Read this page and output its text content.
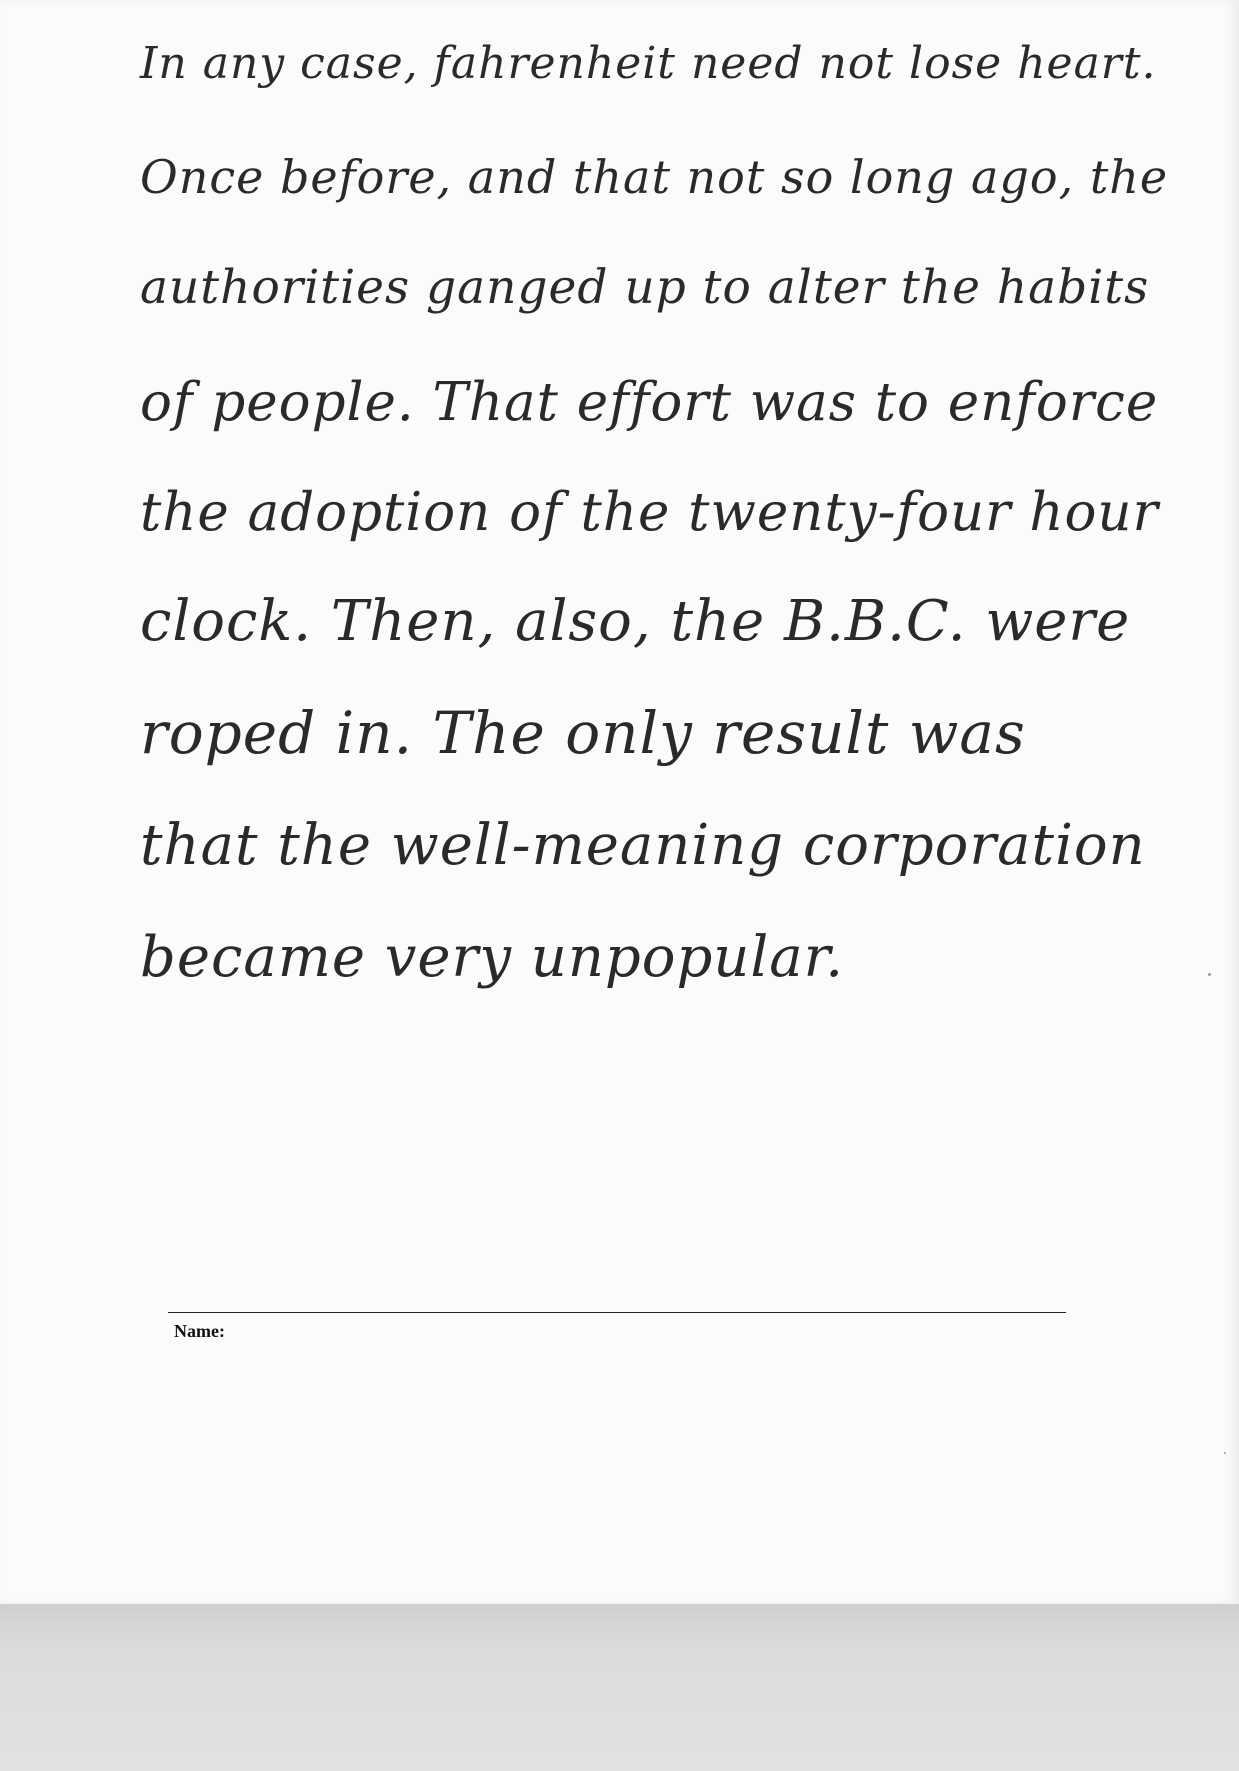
In any case, fahrenheit need not lose heart.
Once before, and that not so long ago, the
authorities ganged up to alter the habits
of people. That effort was to enforce
the adoption of the twenty-four hour
clock. Then, also, the B.B.C. were
roped in. The only result was
that the well-meaning corporation
became very unpopular.
Name:
